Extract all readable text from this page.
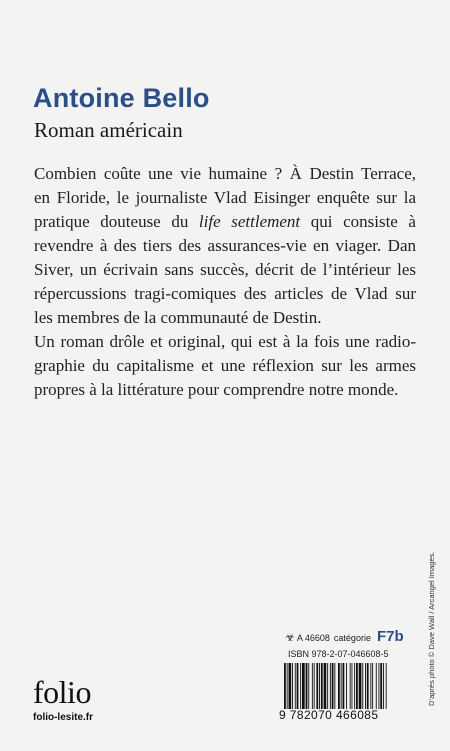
Antoine Bello
Roman américain
Combien coûte une vie humaine ? À Destin Terrace,
en Floride, le journaliste Vlad Eisinger enquête sur la
pratique douteuse du life settlement qui consiste à
revendre à des tiers des assurances-vie en viager. Dan
Siver, un écrivain sans succès, décrit de l’intérieur les
répercussions tragi-comiques des articles de Vlad sur
les membres de la communauté de Destin.
Un roman drôle et original, qui est à la fois une radio-
graphie du capitalisme et une réflexion sur les armes
propres à la littérature pour comprendre notre monde.
D’après photo © Dave Wall / Arcangel Images.
☣ A 46608 catégorie F7b
ISBN 978-2-07-046608-5
9 782070 466085
folio
folio-lesite.fr
